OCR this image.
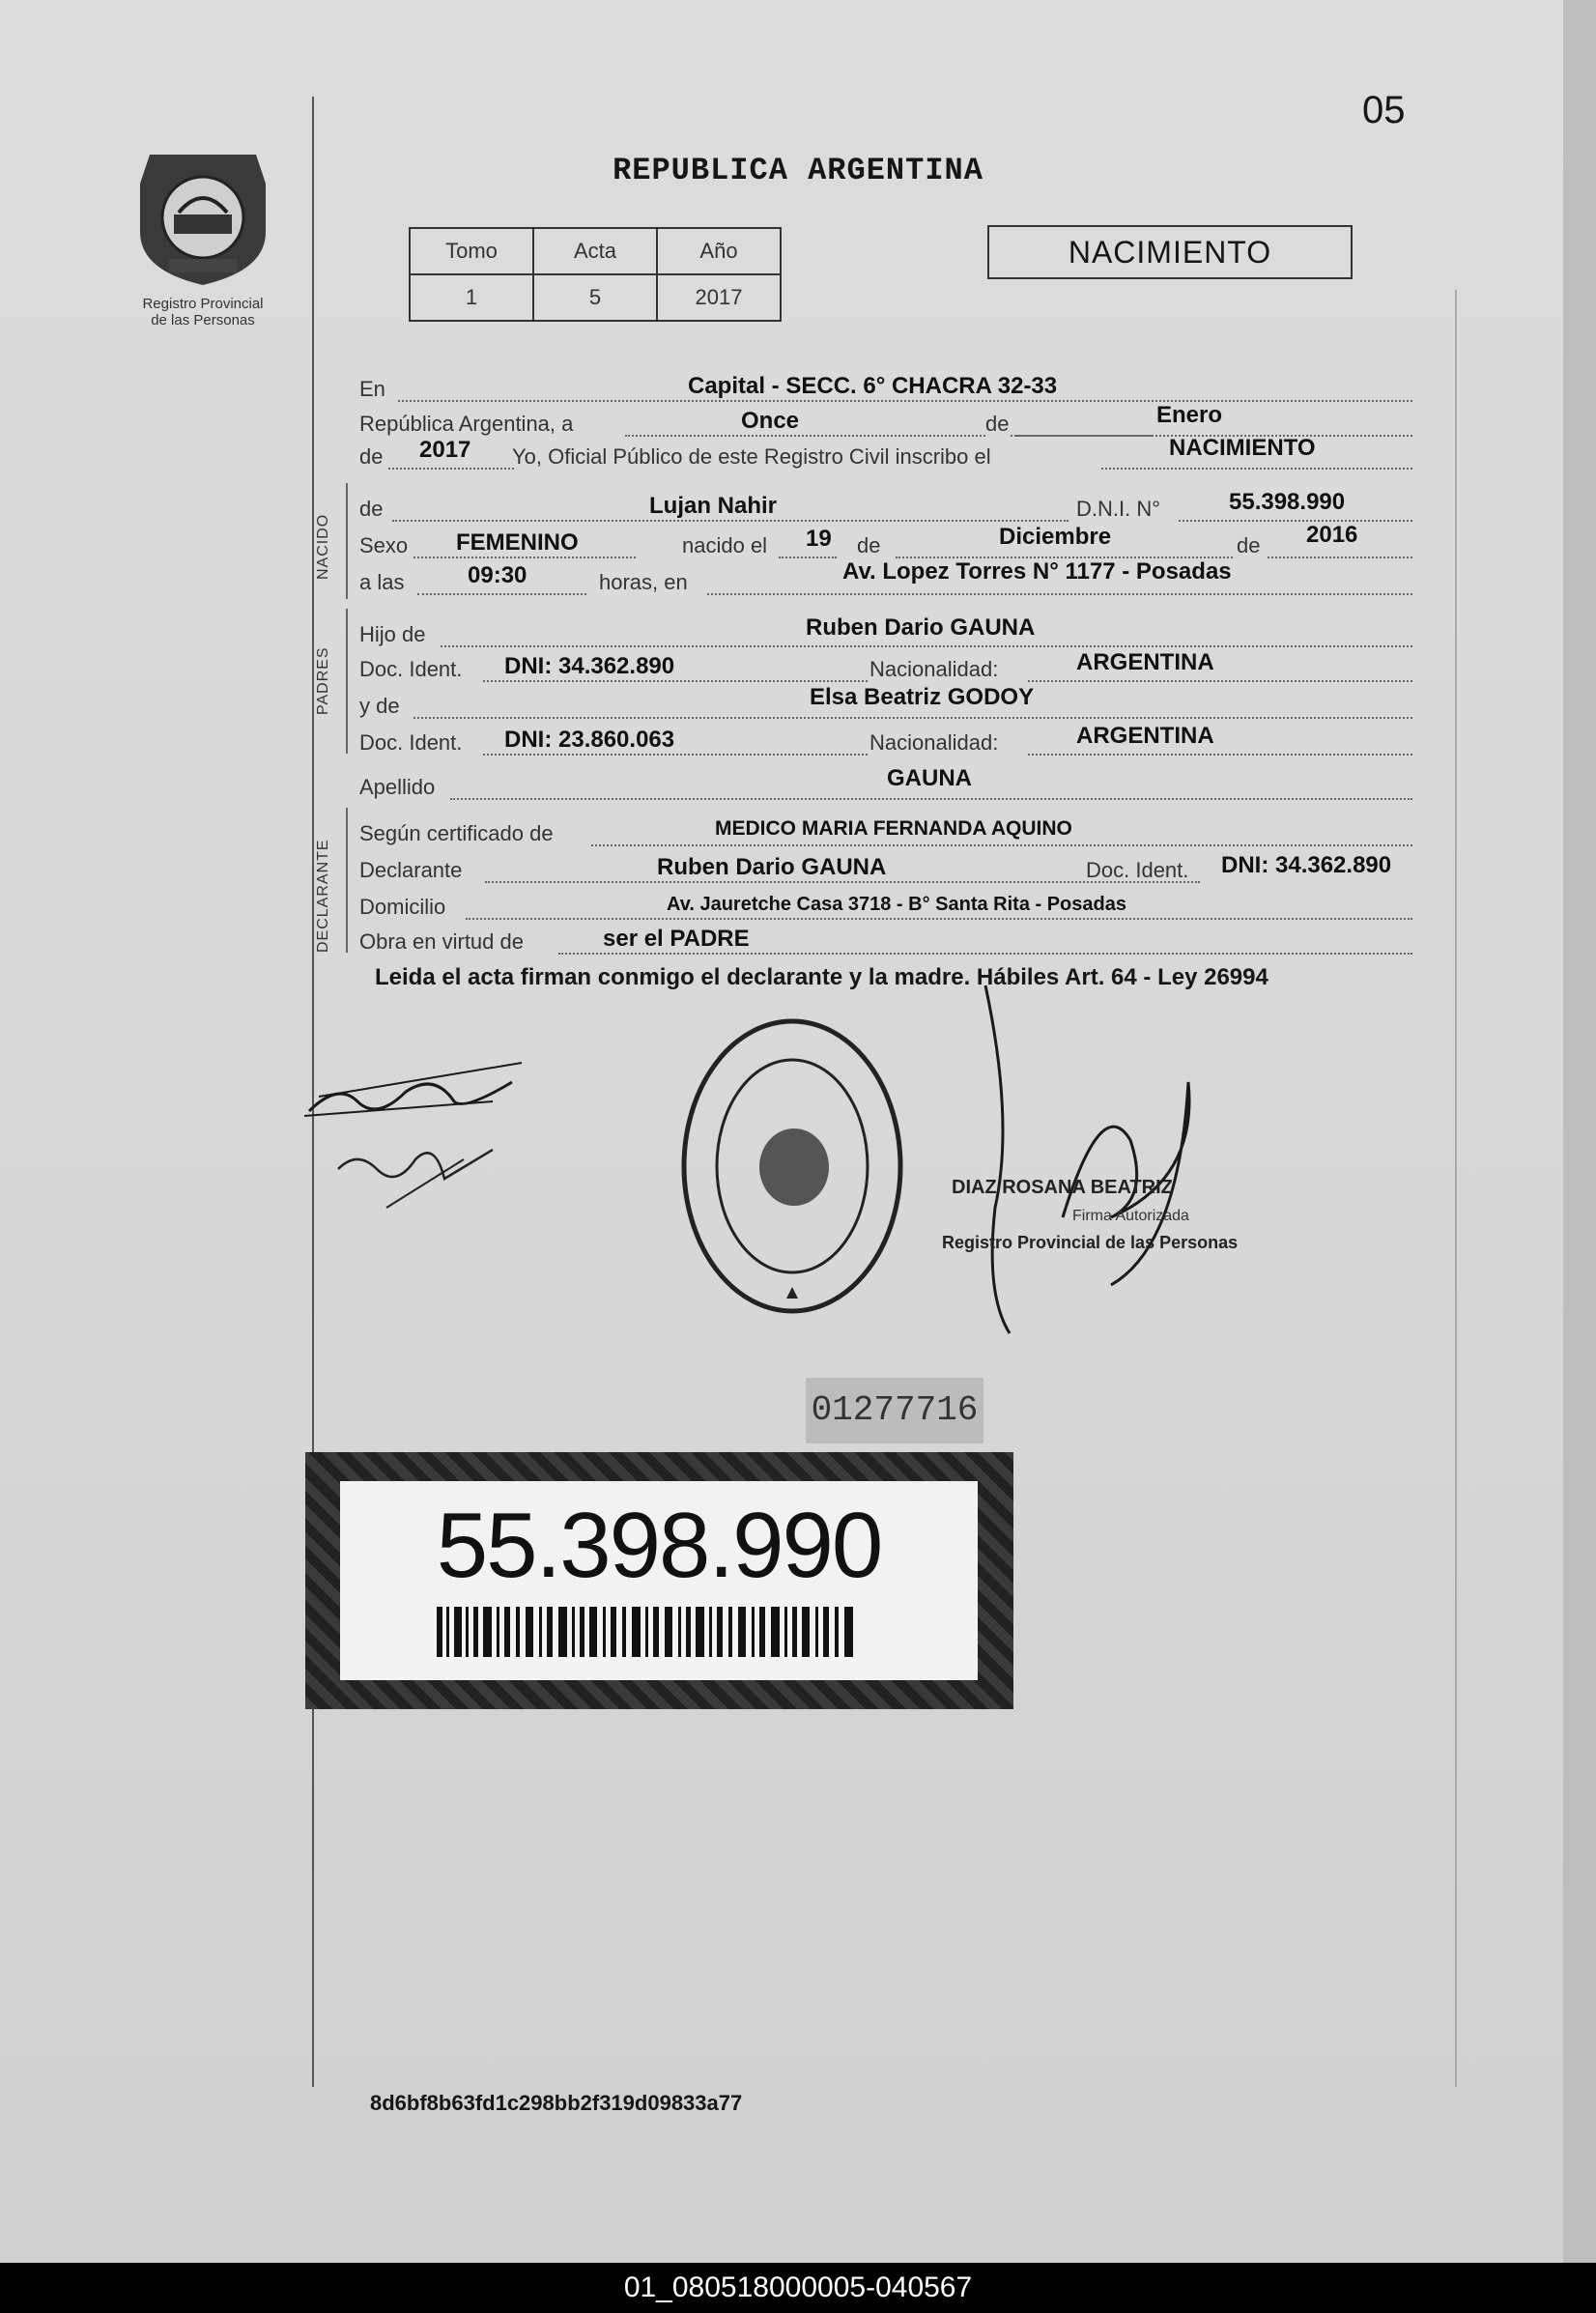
05
REPUBLICA ARGENTINA
Registro Provincial
de las Personas
Tomo	Acta	Año
1	5	2017
NACIMIENTO
En	Capital - SECC. 6° CHACRA 32-33
República Argentina, a	Once	de	Enero
de 2017 Yo, Oficial Público de este Registro Civil inscribo el	NACIMIENTO
NACIDO
de	Lujan Nahir	D.N.I. N°	55.398.990
Sexo FEMENINO	nacido el 19 de	Diciembre	de 2016
a las	09:30	horas, en	Av. Lopez Torres N° 1177 - Posadas
PADRES
Hijo de	Ruben Dario GAUNA
Doc. Ident. DNI: 34.362.890	Nacionalidad:	ARGENTINA
y de	Elsa Beatriz GODOY
Doc. Ident. DNI: 23.860.063	Nacionalidad:	ARGENTINA
Apellido	GAUNA
DECLARANTE
Según certificado de	MEDICO MARIA FERNANDA AQUINO
Declarante	Ruben Dario GAUNA	Doc. Ident. DNI: 34.362.890
Domicilio	Av. Jauretche Casa 3718 - B° Santa Rita - Posadas
Obra en virtud de	ser el PADRE
Leida el acta firman conmigo el declarante y la madre. Hábiles Art. 64 - Ley 26994
DIAZ ROSANA BEATRIZ
Firma Autorizada
Registro Provincial de las Personas
01277716
55.398.990
8d6bf8b63fd1c298bb2f319d09833a77
01_080518000005-040567
